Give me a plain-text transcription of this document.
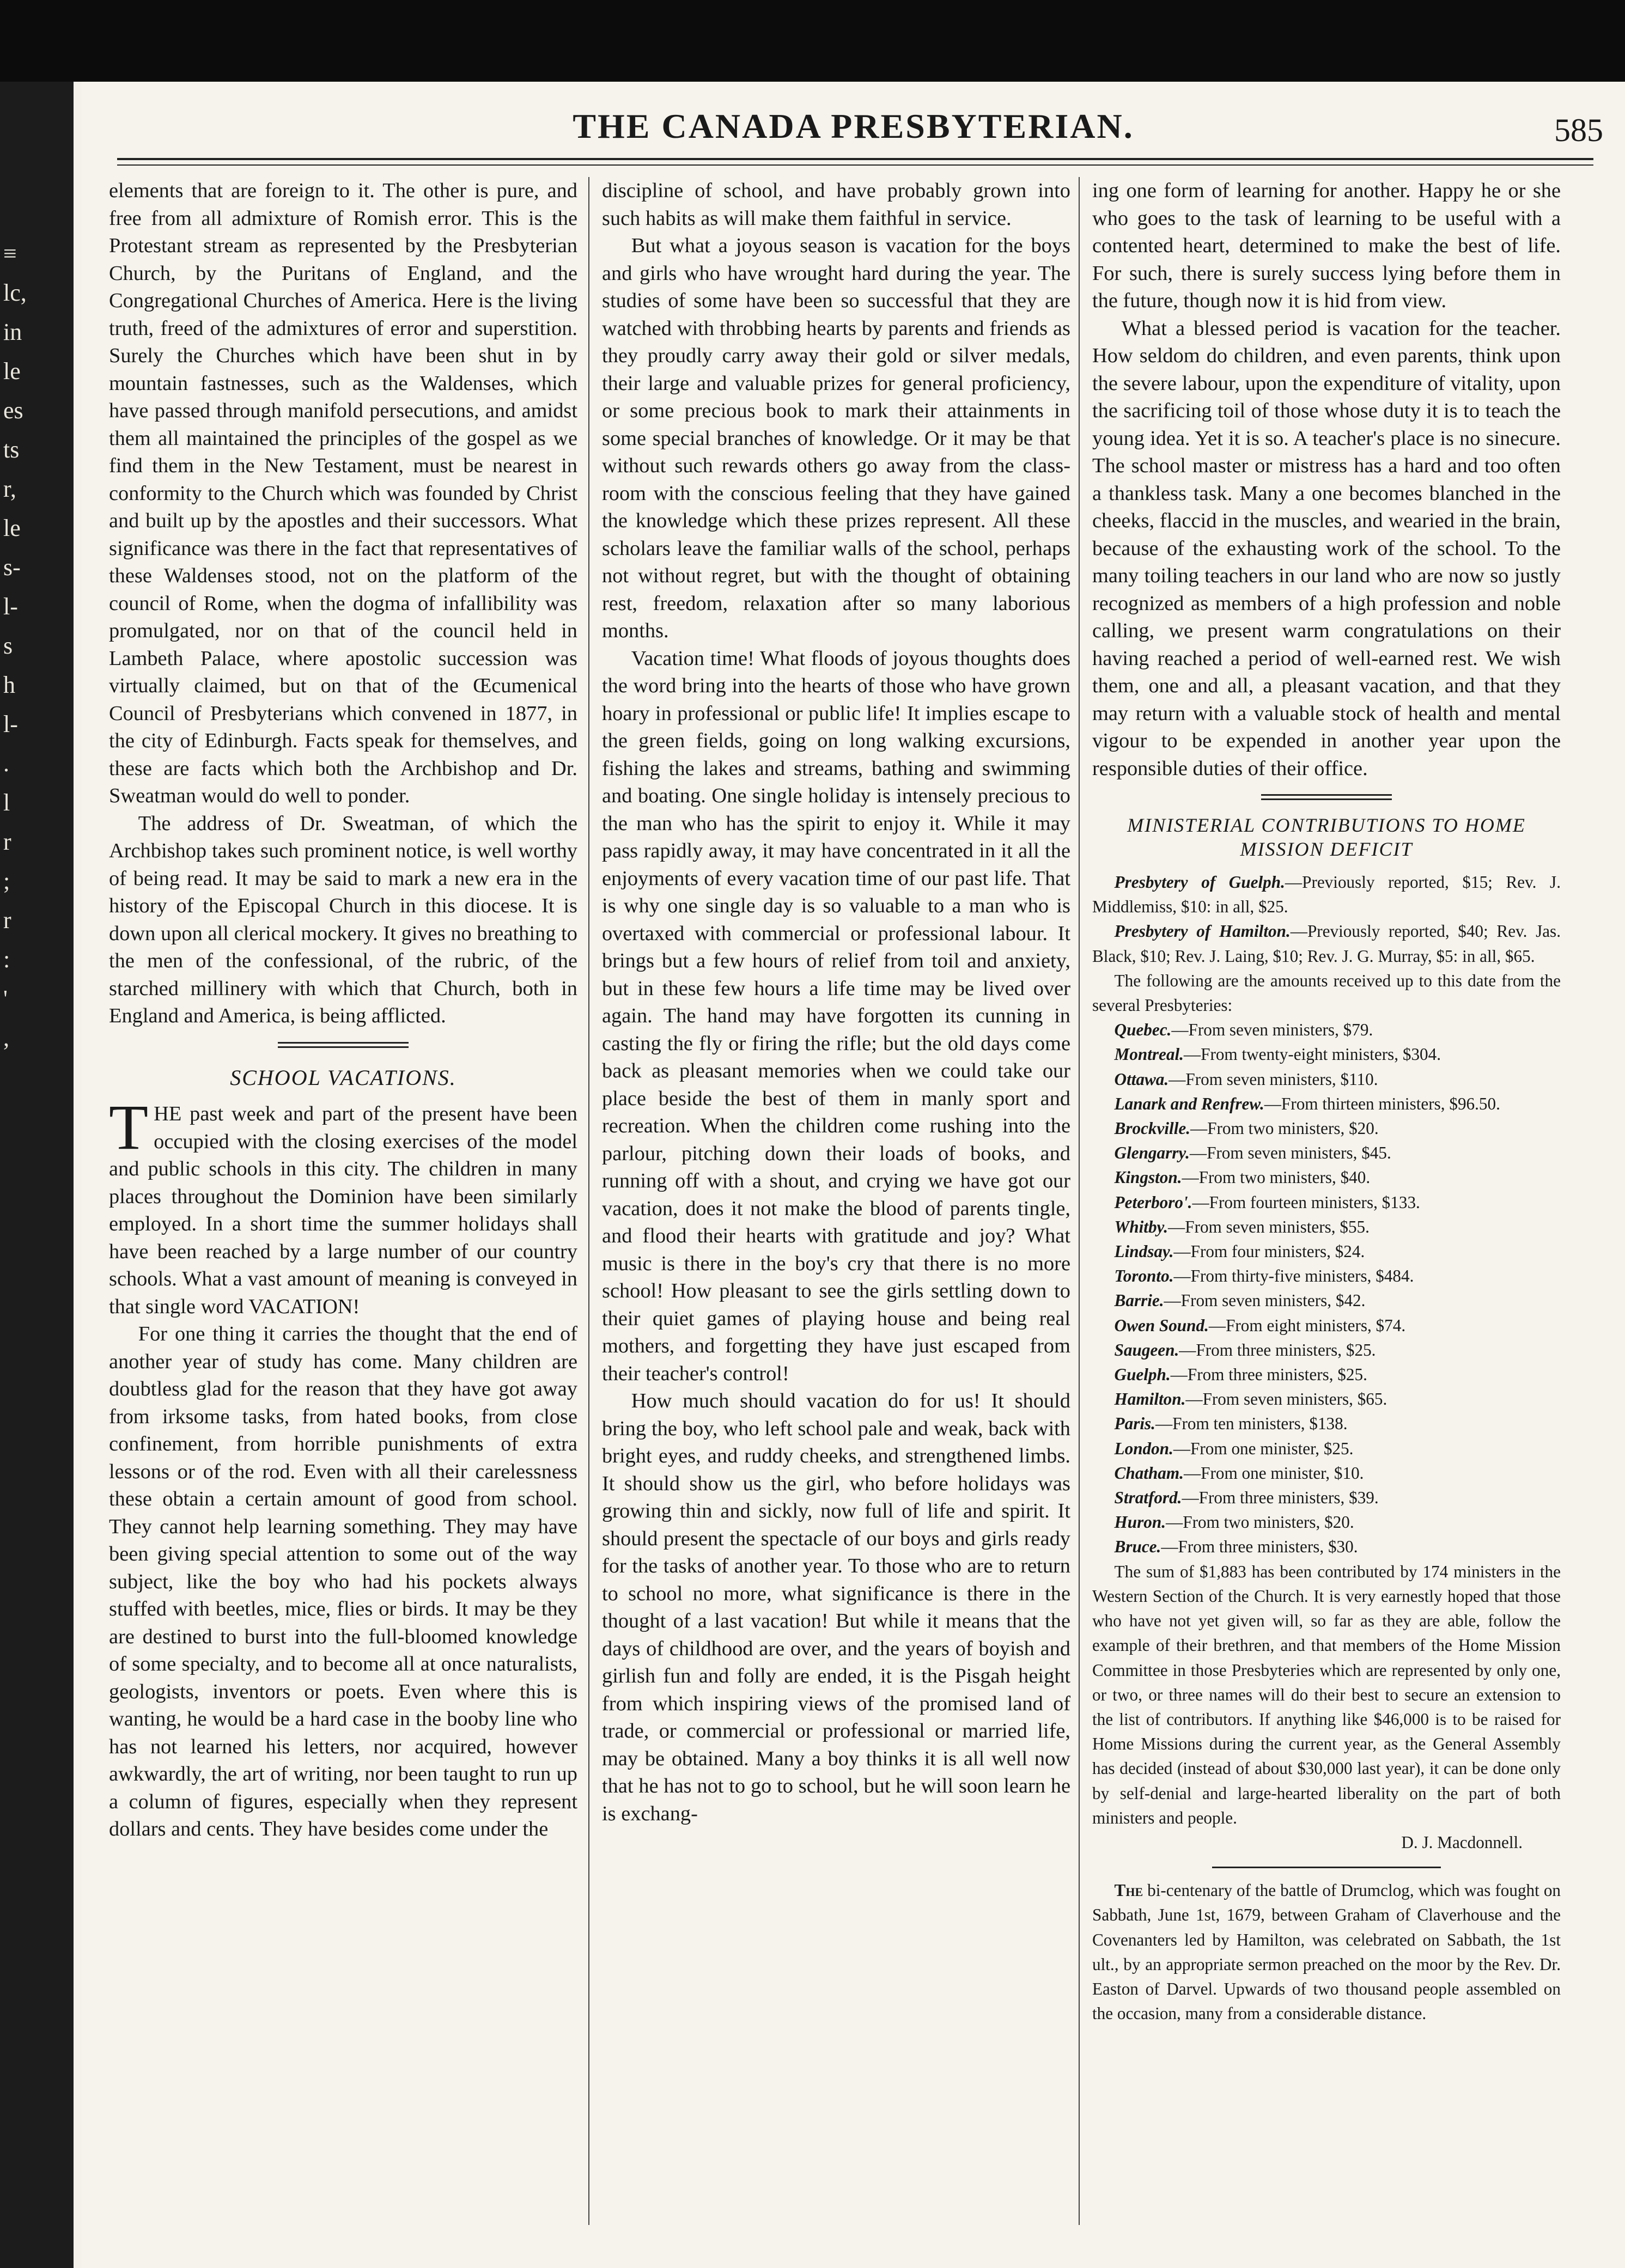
≡
lc,
in
le
es
ts
r,
le
s-
l-
s
h
l-
.
l
r
;
r
:
'
,
THE CANADA PRESBYTERIAN.	585

elements that are foreign to it. The other is pure, and free from all admixture of Romish error. This is the Protestant stream as represented by the Presbyterian Church, by the Puritans of England, and the Congregational Churches of America. Here is the living truth, freed of the admixtures of error and superstition. Surely the Churches which have been shut in by mountain fastnesses, such as the Waldenses, which have passed through manifold persecutions, and amidst them all maintained the principles of the gospel as we find them in the New Testament, must be nearest in conformity to the Church which was founded by Christ and built up by the apostles and their successors. What significance was there in the fact that representatives of these Waldenses stood, not on the platform of the council of Rome, when the dogma of infallibility was promulgated, nor on that of the council held in Lambeth Palace, where apostolic succession was virtually claimed, but on that of the Œcumenical Council of Presbyterians which convened in 1877, in the city of Edinburgh. Facts speak for themselves, and these are facts which both the Archbishop and Dr. Sweatman would do well to ponder.

The address of Dr. Sweatman, of which the Archbishop takes such prominent notice, is well worthy of being read. It may be said to mark a new era in the history of the Episcopal Church in this diocese. It is down upon all clerical mockery. It gives no breathing to the men of the confessional, of the rubric, of the starched millinery with which that Church, both in England and America, is being afflicted.

SCHOOL VACATIONS.

THE past week and part of the present have been occupied with the closing exercises of the model and public schools in this city. The children in many places throughout the Dominion have been similarly employed. In a short time the summer holidays shall have been reached by a large number of our country schools. What a vast amount of meaning is conveyed in that single word VACATION!

For one thing it carries the thought that the end of another year of study has come. Many children are doubtless glad for the reason that they have got away from irksome tasks, from hated books, from close confinement, from horrible punishments of extra lessons or of the rod. Even with all their carelessness these obtain a certain amount of good from school. They cannot help learning something. They may have been giving special attention to some out of the way subject, like the boy who had his pockets always stuffed with beetles, mice, flies or birds. It may be they are destined to burst into the full-bloomed knowledge of some specialty, and to become all at once naturalists, geologists, inventors or poets. Even where this is wanting, he would be a hard case in the booby line who has not learned his letters, nor acquired, however awkwardly, the art of writing, nor been taught to run up a column of figures, especially when they represent dollars and cents. They have besides come under the

discipline of school, and have probably grown into such habits as will make them faithful in service.

But what a joyous season is vacation for the boys and girls who have wrought hard during the year. The studies of some have been so successful that they are watched with throbbing hearts by parents and friends as they proudly carry away their gold or silver medals, their large and valuable prizes for general proficiency, or some precious book to mark their attainments in some special branches of knowledge. Or it may be that without such rewards others go away from the class-room with the conscious feeling that they have gained the knowledge which these prizes represent. All these scholars leave the familiar walls of the school, perhaps not without regret, but with the thought of obtaining rest, freedom, relaxation after so many laborious months.

Vacation time! What floods of joyous thoughts does the word bring into the hearts of those who have grown hoary in professional or public life! It implies escape to the green fields, going on long walking excursions, fishing the lakes and streams, bathing and swimming and boating. One single holiday is intensely precious to the man who has the spirit to enjoy it. While it may pass rapidly away, it may have concentrated in it all the enjoyments of every vacation time of our past life. That is why one single day is so valuable to a man who is overtaxed with commercial or professional labour. It brings but a few hours of relief from toil and anxiety, but in these few hours a life time may be lived over again. The hand may have forgotten its cunning in casting the fly or firing the rifle; but the old days come back as pleasant memories when we could take our place beside the best of them in manly sport and recreation. When the children come rushing into the parlour, pitching down their loads of books, and running off with a shout, and crying we have got our vacation, does it not make the blood of parents tingle, and flood their hearts with gratitude and joy? What music is there in the boy's cry that there is no more school! How pleasant to see the girls settling down to their quiet games of playing house and being real mothers, and forgetting they have just escaped from their teacher's control!

How much should vacation do for us! It should bring the boy, who left school pale and weak, back with bright eyes, and ruddy cheeks, and strengthened limbs. It should show us the girl, who before holidays was growing thin and sickly, now full of life and spirit. It should present the spectacle of our boys and girls ready for the tasks of another year. To those who are to return to school no more, what significance is there in the thought of a last vacation! But while it means that the days of childhood are over, and the years of boyish and girlish fun and folly are ended, it is the Pisgah height from which inspiring views of the promised land of trade, or commercial or professional or married life, may be obtained. Many a boy thinks it is all well now that he has not to go to school, but he will soon learn he is exchang-

ing one form of learning for another. Happy he or she who goes to the task of learning to be useful with a contented heart, determined to make the best of life. For such, there is surely success lying before them in the future, though now it is hid from view.

What a blessed period is vacation for the teacher. How seldom do children, and even parents, think upon the severe labour, upon the expenditure of vitality, upon the sacrificing toil of those whose duty it is to teach the young idea. Yet it is so. A teacher's place is no sinecure. The school master or mistress has a hard and too often a thankless task. Many a one becomes blanched in the cheeks, flaccid in the muscles, and wearied in the brain, because of the exhausting work of the school. To the many toiling teachers in our land who are now so justly recognized as members of a high profession and noble calling, we present warm congratulations on their having reached a period of well-earned rest. We wish them, one and all, a pleasant vacation, and that they may return with a valuable stock of health and mental vigour to be expended in another year upon the responsible duties of their office.

MINISTERIAL CONTRIBUTIONS TO HOME
MISSION DEFICIT

Presbytery of Guelph.—Previously reported, $15; Rev. J. Middlemiss, $10: in all, $25.

Presbytery of Hamilton.—Previously reported, $40; Rev. Jas. Black, $10; Rev. J. Laing, $10; Rev. J. G. Murray, $5: in all, $65.

The following are the amounts received up to this date from the several Presbyteries:

Quebec.—From seven ministers, $79.

Montreal.—From twenty-eight ministers, $304.

Ottawa.—From seven ministers, $110.

Lanark and Renfrew.—From thirteen ministers, $96.50.

Brockville.—From two ministers, $20.

Glengarry.—From seven ministers, $45.

Kingston.—From two ministers, $40.

Peterboro'.—From fourteen ministers, $133.

Whitby.—From seven ministers, $55.

Lindsay.—From four ministers, $24.

Toronto.—From thirty-five ministers, $484.

Barrie.—From seven ministers, $42.

Owen Sound.—From eight ministers, $74.

Saugeen.—From three ministers, $25.

Guelph.—From three ministers, $25.

Hamilton.—From seven ministers, $65.

Paris.—From ten ministers, $138.

London.—From one minister, $25.

Chatham.—From one minister, $10.

Stratford.—From three ministers, $39.

Huron.—From two ministers, $20.

Bruce.—From three ministers, $30.

The sum of $1,883 has been contributed by 174 ministers in the Western Section of the Church. It is very earnestly hoped that those who have not yet given will, so far as they are able, follow the example of their brethren, and that members of the Home Mission Committee in those Presbyteries which are represented by only one, or two, or three names will do their best to secure an extension to the list of contributors. If anything like $46,000 is to be raised for Home Missions during the current year, as the General Assembly has decided (instead of about $30,000 last year), it can be done only by self-denial and large-hearted liberality on the part of both ministers and people.

D. J. Macdonnell.

The bi-centenary of the battle of Drumclog, which was fought on Sabbath, June 1st, 1679, between Graham of Claverhouse and the Covenanters led by Hamilton, was celebrated on Sabbath, the 1st ult., by an appropriate sermon preached on the moor by the Rev. Dr. Easton of Darvel. Upwards of two thousand people assembled on the occasion, many from a considerable distance.
